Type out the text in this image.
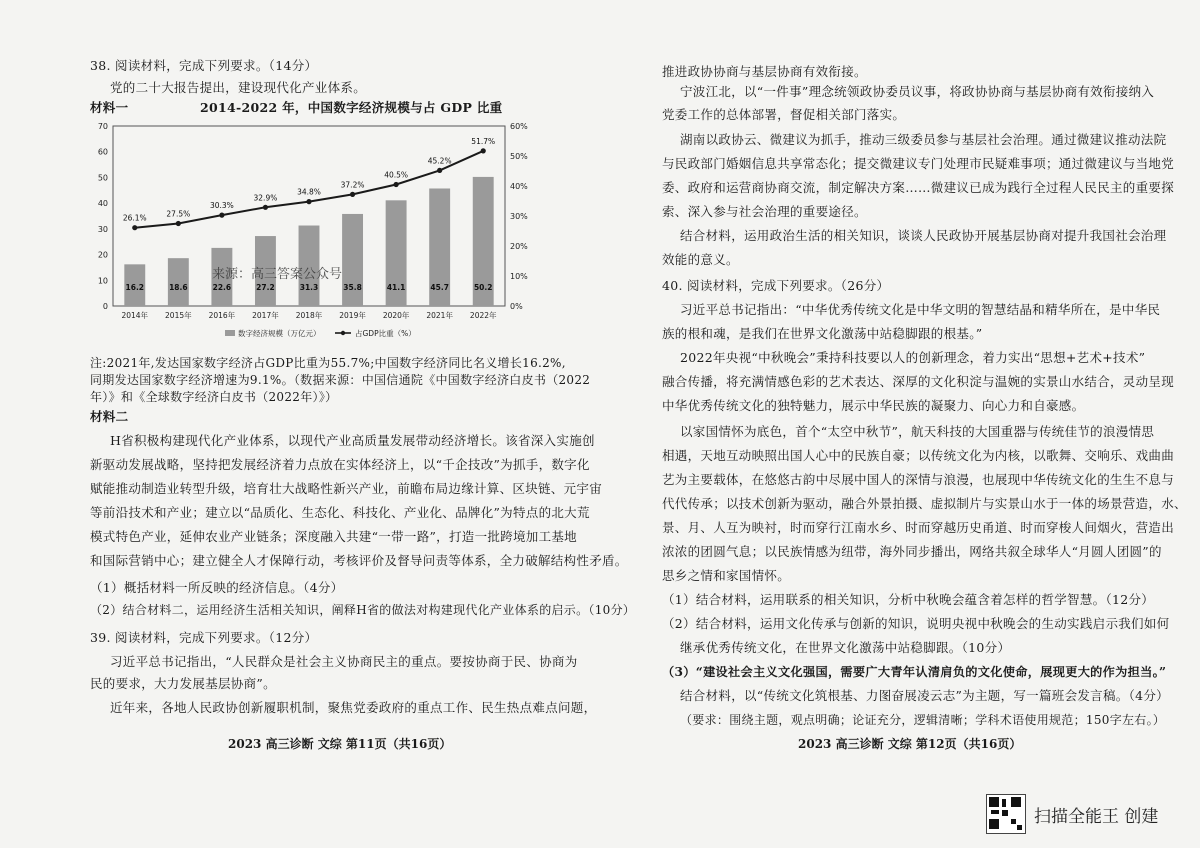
38. 阅读材料，完成下列要求。（14分）
党的二十大报告提出，建设现代化产业体系。
材料一	2014-2022 年，中国数字经济规模与占 GDP 比重
0
10
20
30
40
50
60
70
0%
10%
20%
30%
40%
50%
60%
16.2	18.6	22.6	27.2	31.3	35.8	41.1	45.7	50.2
2014年 2015年 2016年 2017年 2018年 2019年 2020年 2021年 2022年
26.1%	27.5%
30.3%
32.9%
34.8%
37.2%
40.5%
45.2%
51.7%
数字经济规模（万亿元）	占GDP比重（%）
来源：高三答案公众号
注:2021年,发达国家数字经济占GDP比重为55.7%;中国数字经济同比名义增长16.2%,
同期发达国家数字经济增速为9.1%。（数据来源：中国信通院《中国数字经济白皮书（2022
年）》和《全球数字经济白皮书（2022年）》）
材料二
H省积极构建现代化产业体系，以现代产业高质量发展带动经济增长。该省深入实施创
新驱动发展战略，坚持把发展经济着力点放在实体经济上，以“千企技改”为抓手，数字化
赋能推动制造业转型升级，培育壮大战略性新兴产业，前瞻布局边缘计算、区块链、元宇宙
等前沿技术和产业；建立以“品质化、生态化、科技化、产业化、品牌化”为特点的北大荒
模式特色产业，延伸农业产业链条；深度融入共建“一带一路”，打造一批跨境加工基地
和国际营销中心；建立健全人才保障行动，考核评价及督导问责等体系，全力破解结构性矛盾。
（1）概括材料一所反映的经济信息。（4分）
（2）结合材料二，运用经济生活相关知识，阐释H省的做法对构建现代化产业体系的启示。（10分）
39. 阅读材料，完成下列要求。（12分）
习近平总书记指出，“人民群众是社会主义协商民主的重点。要按协商于民、协商为
民的要求，大力发展基层协商”。
近年来，各地人民政协创新履职机制，聚焦党委政府的重点工作、民生热点难点问题，
2023 高三诊断 文综 第11页（共16页）
推进政协协商与基层协商有效衔接。
宁波江北，以“一件事”理念统领政协委员议事，将政协协商与基层协商有效衔接纳入
党委工作的总体部署，督促相关部门落实。
湖南以政协云、微建议为抓手，推动三级委员参与基层社会治理。通过微建议推动法院
与民政部门婚姻信息共享常态化；提交微建议专门处理市民疑难事项；通过微建议与当地党
委、政府和运营商协商交流，制定解决方案……微建议已成为践行全过程人民民主的重要探
索、深入参与社会治理的重要途径。
结合材料，运用政治生活的相关知识，谈谈人民政协开展基层协商对提升我国社会治理
效能的意义。
40. 阅读材料，完成下列要求。（26分）
习近平总书记指出：“中华优秀传统文化是中华文明的智慧结晶和精华所在，是中华民
族的根和魂，是我们在世界文化激荡中站稳脚跟的根基。”
2022年央视“中秋晚会”秉持科技要以人的创新理念，着力实出“思想+艺术+技术”
融合传播，将充满情感色彩的艺术表达、深厚的文化积淀与温婉的实景山水结合，灵动呈现
中华优秀传统文化的独特魅力，展示中华民族的凝聚力、向心力和自豪感。
以家国情怀为底色，首个“太空中秋节”，航天科技的大国重器与传统佳节的浪漫情思
相遇，天地互动映照出国人心中的民族自豪；以传统文化为内核，以歌舞、交响乐、戏曲曲
艺为主要载体，在悠悠古韵中尽展中国人的深情与浪漫，也展现中华传统文化的生生不息与
代代传承；以技术创新为驱动，融合外景拍摄、虚拟制片与实景山水于一体的场景营造，水、
景、月、人互为映衬，时而穿行江南水乡、时而穿越历史甬道、时而穿梭人间烟火，营造出
浓浓的团圆气息；以民族情感为纽带，海外同步播出，网络共叙全球华人“月圆人团圆”的
思乡之情和家国情怀。
（1）结合材料，运用联系的相关知识，分析中秋晚会蕴含着怎样的哲学智慧。（12分）
（2）结合材料，运用文化传承与创新的知识，说明央视中秋晚会的生动实践启示我们如何
继承优秀传统文化，在世界文化激荡中站稳脚跟。（10分）
（3）“建设社会主义文化强国，需要广大青年认清肩负的文化使命，展现更大的作为担当。”
结合材料，以“传统文化筑根基、力图奋展凌云志”为主题，写一篇班会发言稿。（4分）
（要求：围绕主题，观点明确；论证充分，逻辑清晰；学科术语使用规范；150字左右。）
2023 高三诊断 文综 第12页（共16页）
扫描全能王 创建
